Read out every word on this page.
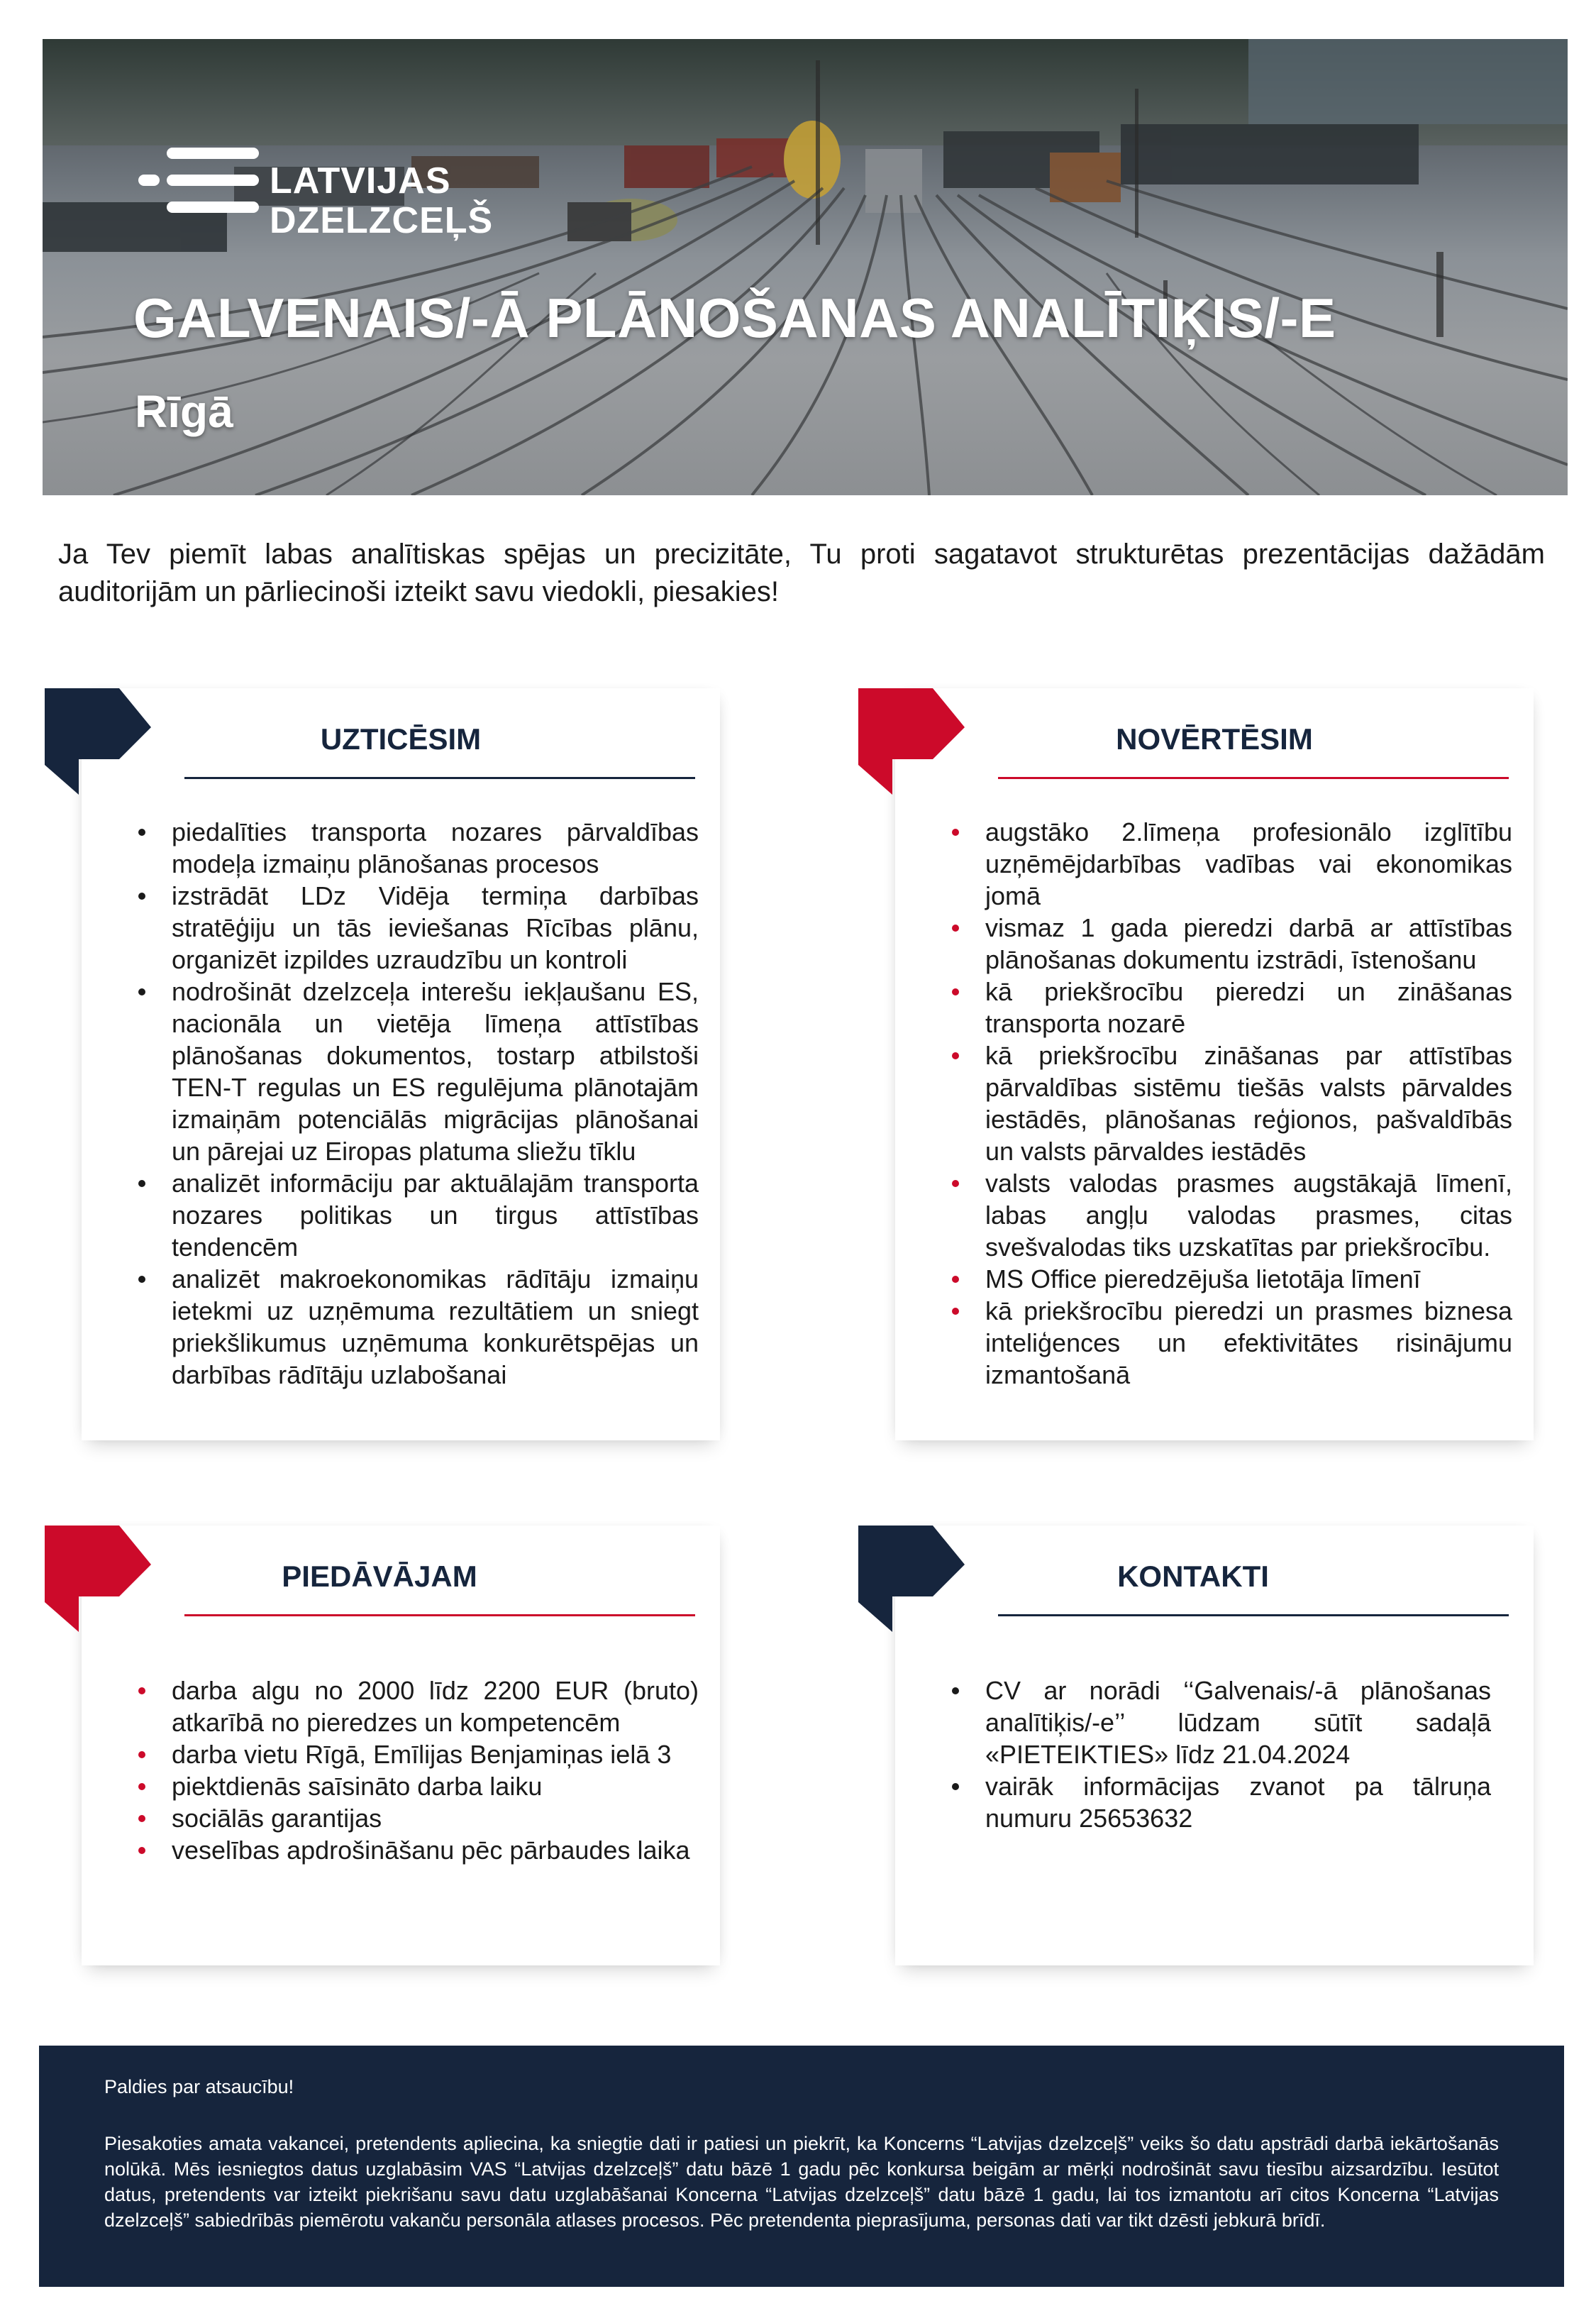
LATVIJAS
DZELZCEĻŠ
GALVENAIS/-Ā PLĀNOŠANAS ANALĪTIĶIS/-E
Rīgā

Ja Tev piemīt labas analītiskas spējas un precizitāte, Tu proti sagatavot strukturētas prezentācijas dažādām auditorijām un pārliecinoši izteikt savu viedokli, piesakies!

UZTICĒSIM
piedalīties transporta nozares pārvaldības modeļa izmaiņu plānošanas procesos
izstrādāt LDz Vidēja termiņa darbības stratēģiju un tās ieviešanas Rīcības plānu, organizēt izpildes uzraudzību un kontroli
nodrošināt dzelzceļa interešu iekļaušanu ES, nacionāla un vietēja līmeņa attīstības plānošanas dokumentos, tostarp atbilstoši TEN-T regulas un ES regulējuma plānotajām izmaiņām potenciālās migrācijas plānošanai un pārejai uz Eiropas platuma sliežu tīklu
analizēt informāciju par aktuālajām transporta nozares politikas un tirgus attīstības tendencēm
analizēt makroekonomikas rādītāju izmaiņu ietekmi uz uzņēmuma rezultātiem un sniegt priekšlikumus uzņēmuma konkurētspējas un darbības rādītāju uzlabošanai
NOVĒRTĒSIM
augstāko 2.līmeņa profesionālo izglītību uzņēmējdarbības vadības vai ekonomikas jomā
vismaz 1 gada pieredzi darbā ar attīstības plānošanas dokumentu izstrādi, īstenošanu
kā priekšrocību pieredzi un zināšanas transporta nozarē
kā priekšrocību zināšanas par attīstības pārvaldības sistēmu tiešās valsts pārvaldes iestādēs, plānošanas reģionos, pašvaldībās un valsts pārvaldes iestādēs
valsts valodas prasmes augstākajā līmenī, labas angļu valodas prasmes, citas svešvalodas tiks uzskatītas par priekšrocību.
MS Office pieredzējuša lietotāja līmenī
kā priekšrocību pieredzi un prasmes biznesa inteliģences un efektivitātes risinājumu izmantošanā
PIEDĀVĀJAM
darba algu no 2000 līdz 2200 EUR (bruto) atkarībā no pieredzes un kompetencēm
darba vietu Rīgā, Emīlijas Benjamiņas ielā 3
piektdienās saīsināto darba laiku
sociālās garantijas
veselības apdrošināšanu pēc pārbaudes laika
KONTAKTI
CV ar norādi ‘‘Galvenais/-ā plānošanas analītiķis/-e’’ lūdzam sūtīt sadaļā «PIETEIKTIES» līdz 21.04.2024
vairāk informācijas zvanot pa tālruņa numuru 25653632

Paldies par atsaucību!

Piesakoties amata vakancei, pretendents apliecina, ka sniegtie dati ir patiesi un piekrīt, ka Koncerns “Latvijas dzelzceļš” veiks šo datu apstrādi darbā iekārtošanās nolūkā. Mēs iesniegtos datus uzglabāsim VAS “Latvijas dzelzceļš” datu bāzē 1 gadu pēc konkursa beigām ar mērķi nodrošināt savu tiesību aizsardzību. Iesūtot datus, pretendents var izteikt piekrišanu savu datu uzglabāšanai Koncerna “Latvijas dzelzceļš” datu bāzē 1 gadu, lai tos izmantotu arī citos Koncerna “Latvijas dzelzceļš” sabiedrībās piemērotu vakanču personāla atlases procesos. Pēc pretendenta pieprasījuma, personas dati var tikt dzēsti jebkurā brīdī.
